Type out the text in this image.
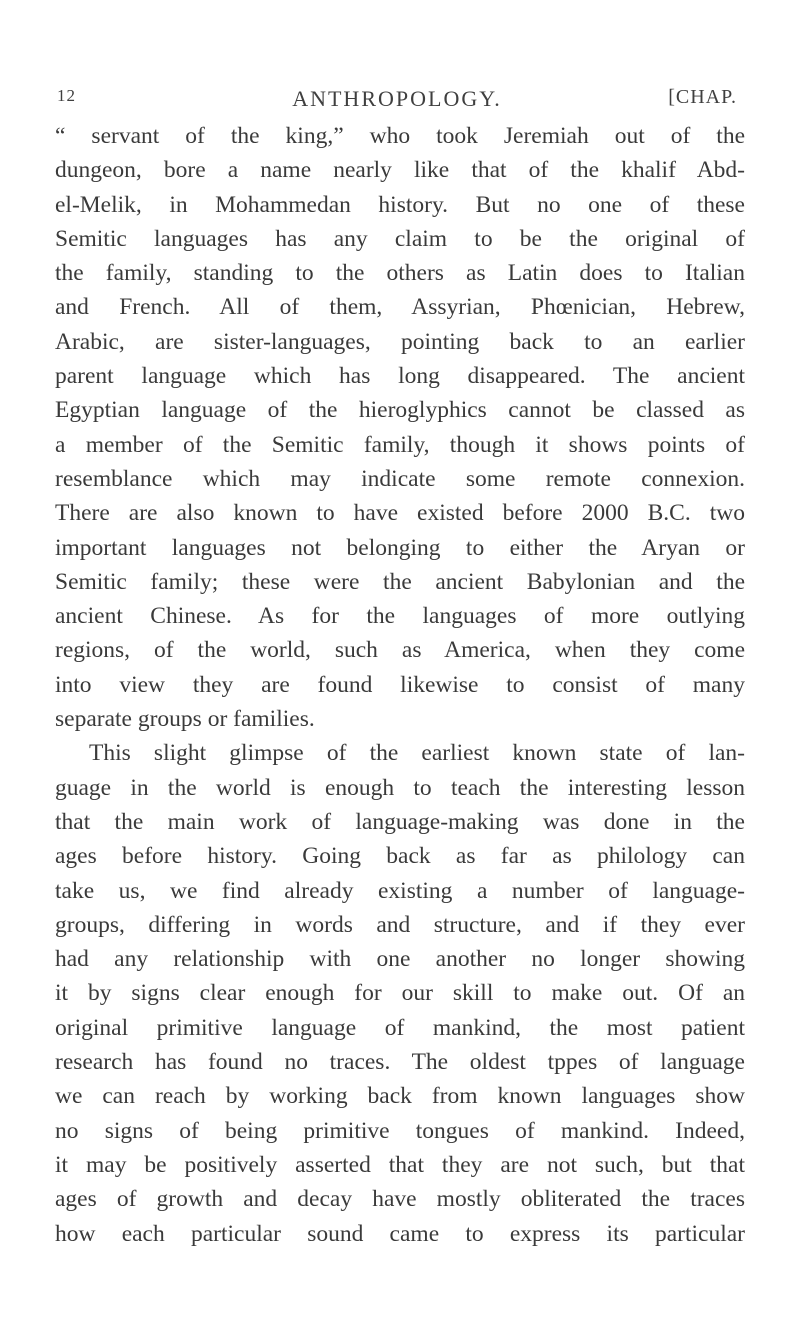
12	ANTHROPOLOGY.	[CHAP.
“ servant of the king,” who took Jeremiah out of the
dungeon, bore a name nearly like that of the khalif Abd-
el-Melik, in Mohammedan history. But no one of these
Semitic languages has any claim to be the original of
the family, standing to the others as Latin does to Italian
and French. All of them, Assyrian, Phœnician, Hebrew,
Arabic, are sister-languages, pointing back to an earlier
parent language which has long disappeared. The ancient
Egyptian language of the hieroglyphics cannot be classed as
a member of the Semitic family, though it shows points of
resemblance which may indicate some remote connexion.
There are also known to have existed before 2000 B.C. two
important languages not belonging to either the Aryan or
Semitic family; these were the ancient Babylonian and the
ancient Chinese. As for the languages of more outlying
regions, of the world, such as America, when they come
into view they are found likewise to consist of many
separate groups or families.
This slight glimpse of the earliest known state of lan-
guage in the world is enough to teach the interesting lesson
that the main work of language-making was done in the
ages before history. Going back as far as philology can
take us, we find already existing a number of language-
groups, differing in words and structure, and if they ever
had any relationship with one another no longer showing
it by signs clear enough for our skill to make out. Of an
original primitive language of mankind, the most patient
research has found no traces. The oldest tppes of language
we can reach by working back from known languages show
no signs of being primitive tongues of mankind. Indeed,
it may be positively asserted that they are not such, but that
ages of growth and decay have mostly obliterated the traces
how each particular sound came to express its particular
